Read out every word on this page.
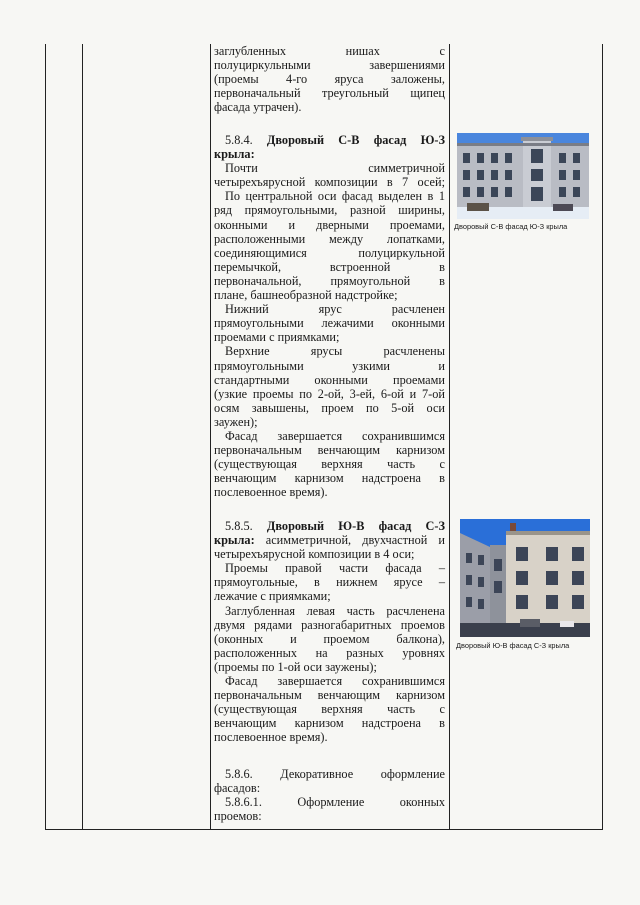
заглубленных нишах с

полуциркульными завершениями

(проемы 4-го яруса заложены,

первоначальный треугольный щипец

фасада утрачен).

5.8.4. Дворовый С-В фасад Ю-З

крыла:

Почти симметричной

четырехъярусной композиции в 7 осей;

По центральной оси фасад выделен в 1

ряд прямоугольными, разной ширины,

оконными и дверными проемами,

расположенными между лопатками,

соединяющимися полуциркульной

перемычкой, встроенной в

первоначальной, прямоугольной в

плане, башнеобразной надстройке;

Нижний ярус расчленен

прямоугольными лежачими оконными

проемами с приямками;

Верхние ярусы расчленены

прямоугольными узкими и

стандартными оконными проемами

(узкие проемы по 2-ой, 3-ей, 6-ой и 7-ой

осям завышены, проем по 5-ой оси

заужен);

Фасад завершается сохранившимся

первоначальным венчающим карнизом

(существующая верхняя часть с

венчающим карнизом надстроена в

послевоенное время).

5.8.5. Дворовый Ю-В фасад С-З

крыла: асимметричной, двухчастной и

четырехъярусной композиции в 4 оси;

Проемы правой части фасада –

прямоугольные, в нижнем ярусе –

лежачие с приямками;

Заглубленная левая часть расчленена

двумя рядами разногабаритных проемов

(оконных и проемом балкона),

расположенных на разных уровнях

(проемы по 1-ой оси заужены);

Фасад завершается сохранившимся

первоначальным венчающим карнизом

(существующая верхняя часть с

венчающим карнизом надстроена в

послевоенное время).

5.8.6. Декоративное оформление

фасадов:

5.8.6.1. Оформление оконных

проемов:

Дворовый С-В фасад Ю-З крыла
Дворовый Ю-В фасад С-З крыла
